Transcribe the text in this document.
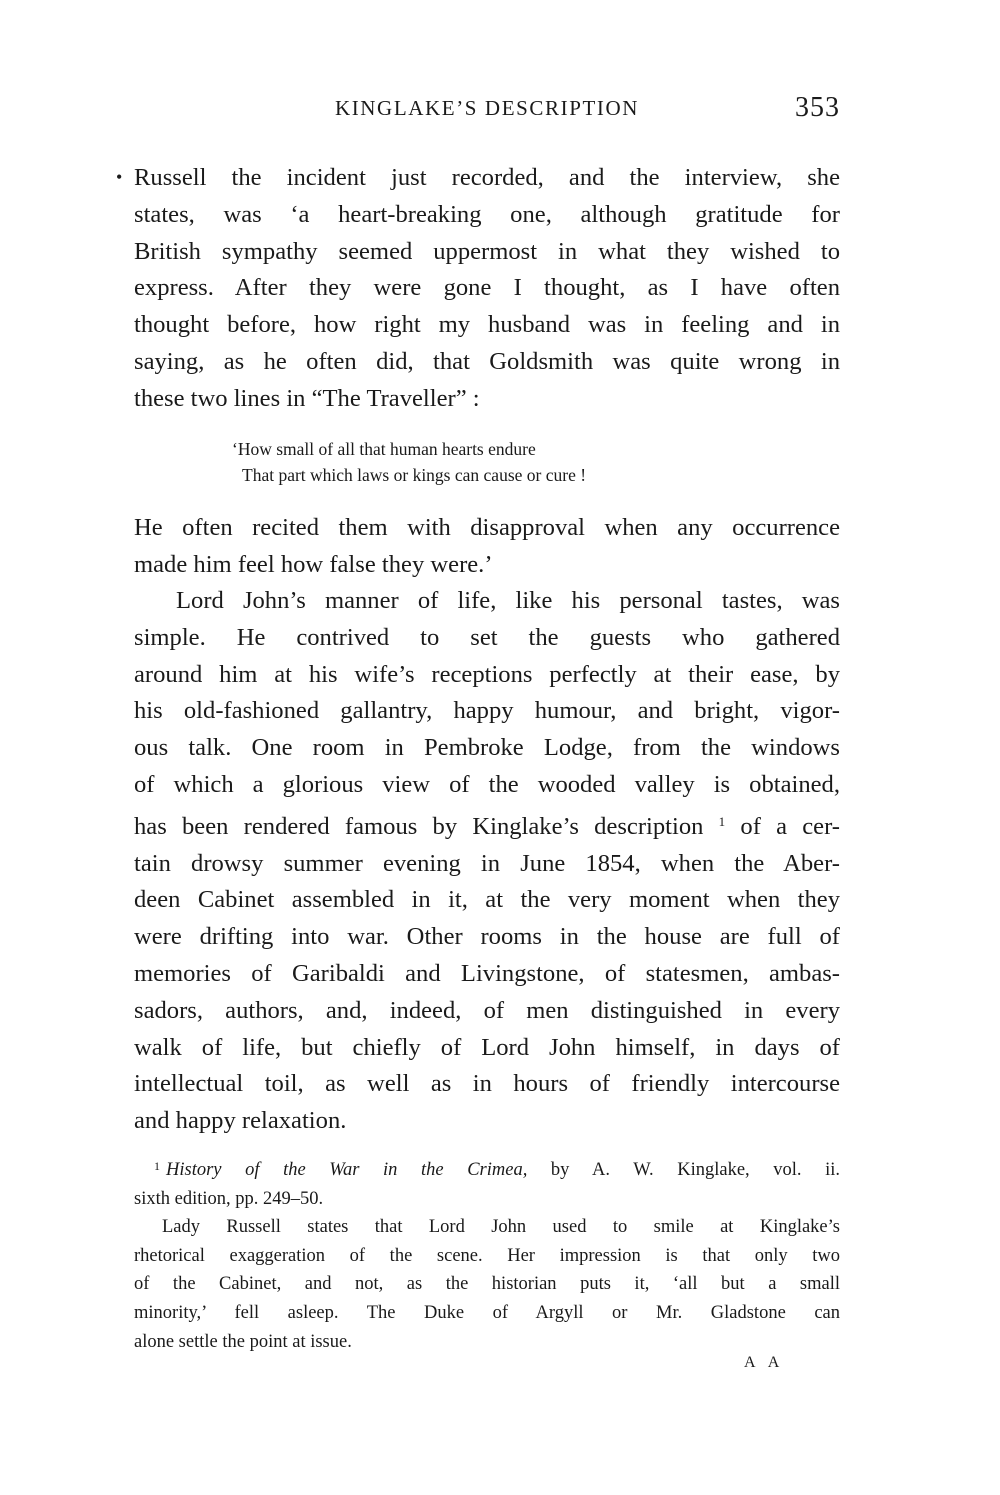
KINGLAKE’S DESCRIPTION	353
• Russell the incident just recorded, and the interview, she
states, was ‘a heart-breaking one, although gratitude for
British sympathy seemed uppermost in what they wished to
express. After they were gone I thought, as I have often
thought before, how right my husband was in feeling and in
saying, as he often did, that Goldsmith was quite wrong in
these two lines in “The Traveller” :
‘How small of all that human hearts endure
That part which laws or kings can cause or cure !
He often recited them with disapproval when any occurrence
made him feel how false they were.’
Lord John’s manner of life, like his personal tastes, was
simple. He contrived to set the guests who gathered
around him at his wife’s receptions perfectly at their ease, by
his old-fashioned gallantry, happy humour, and bright, vigor-
ous talk. One room in Pembroke Lodge, from the windows
of which a glorious view of the wooded valley is obtained,
has been rendered famous by Kinglake’s description $^1$ of a cer-
tain drowsy summer evening in June 1854, when the Aber-
deen Cabinet assembled in it, at the very moment when they
were drifting into war. Other rooms in the house are full of
memories of Garibaldi and Livingstone, of statesmen, ambas-
sadors, authors, and, indeed, of men distinguished in every
walk of life, but chiefly of Lord John himself, in days of
intellectual toil, as well as in hours of friendly intercourse
and happy relaxation.
$^1$ History of the War in the Crimea, by A. W. Kinglake, vol. ii.
sixth edition, pp. 249–50.
Lady Russell states that Lord John used to smile at Kinglake’s
rhetorical exaggeration of the scene. Her impression is that only two
of the Cabinet, and not, as the historian puts it, ‘all but a small
minority,’ fell asleep. The Duke of Argyll or Mr. Gladstone can
alone settle the point at issue.
A A
